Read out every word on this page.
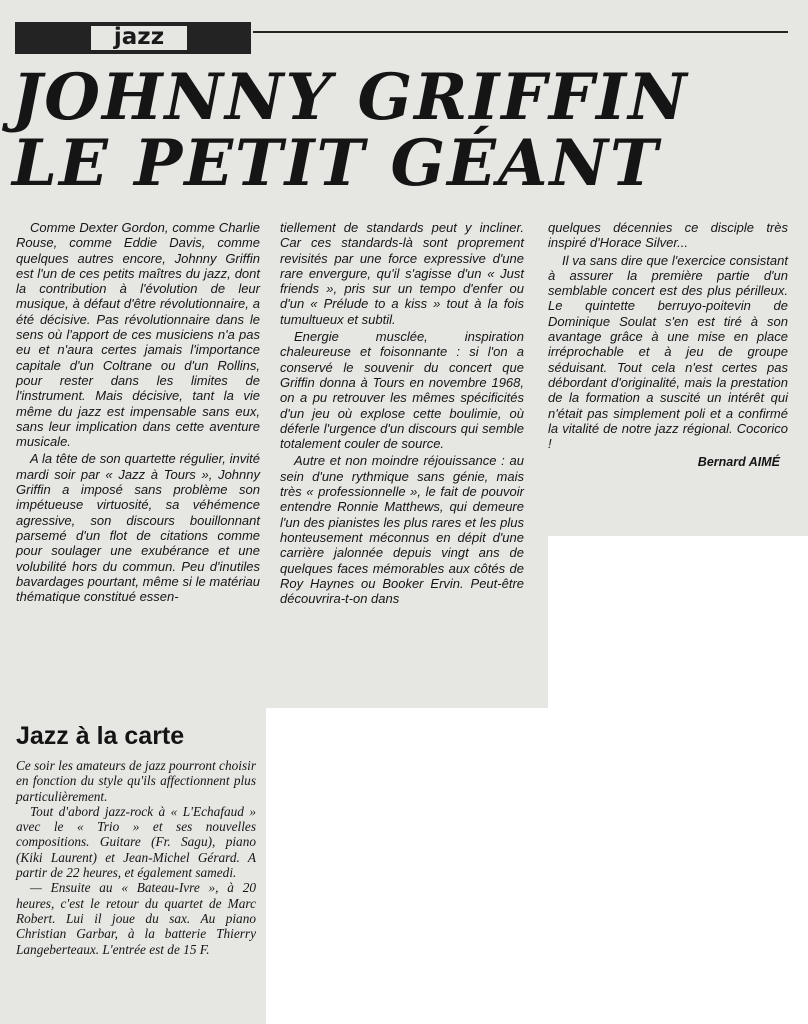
jazz
JOHNNY GRIFFIN
LE PETIT GÉANT

Comme Dexter Gordon, comme Charlie Rouse, comme Eddie Davis, comme quelques autres encore, Johnny Griffin est l'un de ces petits maîtres du jazz, dont la contribution à l'évolution de leur musique, à défaut d'être révolutionnaire, a été décisive. Pas révolutionnaire dans le sens où l'apport de ces musiciens n'a pas eu et n'aura certes jamais l'importance capitale d'un Coltrane ou d'un Rollins, pour rester dans les limites de l'instrument. Mais décisive, tant la vie même du jazz est impensable sans eux, sans leur implication dans cette aventure musicale.

A la tête de son quartette régulier, invité mardi soir par « Jazz à Tours », Johnny Griffin a imposé sans problème son impétueuse virtuosité, sa véhémence agressive, son discours bouillonnant parsemé d'un flot de citations comme pour soulager une exubérance et une volubilité hors du commun. Peu d'inutiles bavardages pourtant, même si le matériau thématique constitué essen-

tiellement de standards peut y incliner. Car ces standards-là sont proprement revisités par une force expressive d'une rare envergure, qu'il s'agisse d'un « Just friends », pris sur un tempo d'enfer ou d'un « Prélude to a kiss » tout à la fois tumultueux et subtil.

Energie musclée, inspiration chaleureuse et foisonnante : si l'on a conservé le souvenir du concert que Griffin donna à Tours en novembre 1968, on a pu retrouver les mêmes spécificités d'un jeu où explose cette boulimie, où déferle l'urgence d'un discours qui semble totalement couler de source.

Autre et non moindre réjouissance : au sein d'une rythmique sans génie, mais très « professionnelle », le fait de pouvoir entendre Ronnie Matthews, qui demeure l'un des pianistes les plus rares et les plus honteusement méconnus en dépit d'une carrière jalonnée depuis vingt ans de quelques faces mémorables aux côtés de Roy Haynes ou Booker Ervin. Peut-être découvrira-t-on dans

quelques décennies ce disciple très inspiré d'Horace Silver...

Il va sans dire que l'exercice consistant à assurer la première partie d'un semblable concert est des plus périlleux. Le quintette berruyo-poitevin de Dominique Soulat s'en est tiré à son avantage grâce à une mise en place irréprochable et à jeu de groupe séduisant. Tout cela n'est certes pas débordant d'originalité, mais la prestation de la formation a suscité un intérêt qui n'était pas simplement poli et a confirmé la vitalité de notre jazz régional. Cocorico !

Bernard AIMÉ
Jazz à la carte

Ce soir les amateurs de jazz pourront choisir en fonction du style qu'ils affectionnent plus particulièrement.

Tout d'abord jazz-rock à « L'Echafaud » avec le « Trio » et ses nouvelles compositions. Guitare (Fr. Sagu), piano (Kiki Laurent) et Jean-Michel Gérard. A partir de 22 heures, et également samedi.

— Ensuite au « Bateau-Ivre », à 20 heures, c'est le retour du quartet de Marc Robert. Lui il joue du sax. Au piano Christian Garbar, à la batterie Thierry Langeberteaux. L'entrée est de 15 F.
